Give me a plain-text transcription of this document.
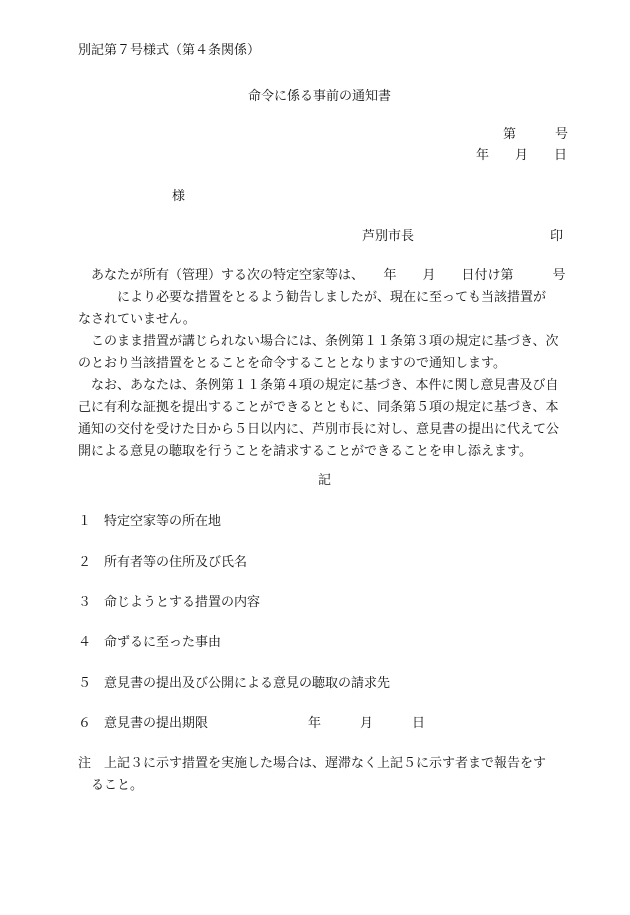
別記第７号様式（第４条関係）
命令に係る事前の通知書
第　　　号
年　　月　　日
様
芦別市長	印
　あなたが所有（管理）する次の特定空家等は、　　年　　月　　日付け第　　　号
　　　により必要な措置をとるよう勧告しましたが、現在に至っても当該措置が
なされていません。
　このまま措置が講じられない場合には、条例第１１条第３項の規定に基づき、次
のとおり当該措置をとることを命令することとなりますので通知します。
　なお、あなたは、条例第１１条第４項の規定に基づき、本件に関し意見書及び自
己に有利な証拠を提出することができるとともに、同条第５項の規定に基づき、本
通知の交付を受けた日から５日以内に、芦別市長に対し、意見書の提出に代えて公
開による意見の聴取を行うことを請求することができることを申し添えます。
記
１ 特定空家等の所在地
２ 所有者等の住所及び氏名
３ 命じようとする措置の内容
４ 命ずるに至った事由
５ 意見書の提出及び公開による意見の聴取の請求先
６ 意見書の提出期限	年　　　月　　　日
注 上記３に示す措置を実施した場合は、遅滞なく上記５に示す者まで報告をす
ること。
